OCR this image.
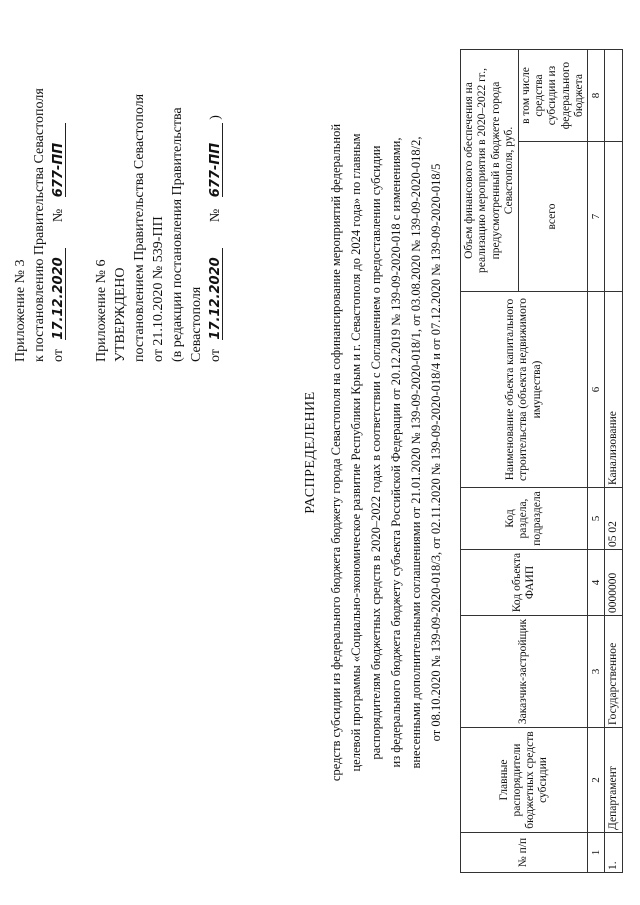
Приложение № 3 к постановлению Правительства Севастополя от 17.12.2020 № 677-ПП
Приложение № 6 УТВЕРЖДЕНО постановлением Правительства Севастополя от 21.10.2020 № 539-ПП (в редакции постановления Правительства Севастополя от 17.12.2020 № 677-ПП )
РАСПРЕДЕЛЕНИЕ средств субсидии из федерального бюджета бюджету города Севастополя на софинансирование мероприятий федеральной целевой программы «Социально-экономическое развитие Республики Крым и г. Севастополя до 2024 года» по главным распорядителям бюджетных средств в 2020–2022 годах в соответствии с Соглашением о предоставлении субсидии из федерального бюджета бюджету субъекта Российской Федерации от 20.12.2019 № 139-09-2020-018 с изменениями, внесенными дополнительными соглашениями от 21.01.2020 № 139-09-2020-018/1, от 03.08.2020 № 139-09-2020-018/2, от 08.10.2020 № 139-09-2020-018/3, от 02.11.2020 № 139-09-2020-018/4 и от 07.12.2020 № 139-09-2020-018/5
№ п/п	Главные распорядители бюджетных средств субсидии	Заказчик-застройщик	Код объекта ФАИП	Код раздела, подраздела	Наименование объекта капитального строительства (объекта недвижимого имущества)	Объем финансового обеспечения на реализацию мероприятия в 2020–2022 гг., предусмотренный в бюджете города Севастополя, руб.	
						всего	в том числе средства субсидии из федерального бюджета
1	2	3	4	5	6	7	8
1.	Департамент	Государственное	0000000	05 02	Канализование		
